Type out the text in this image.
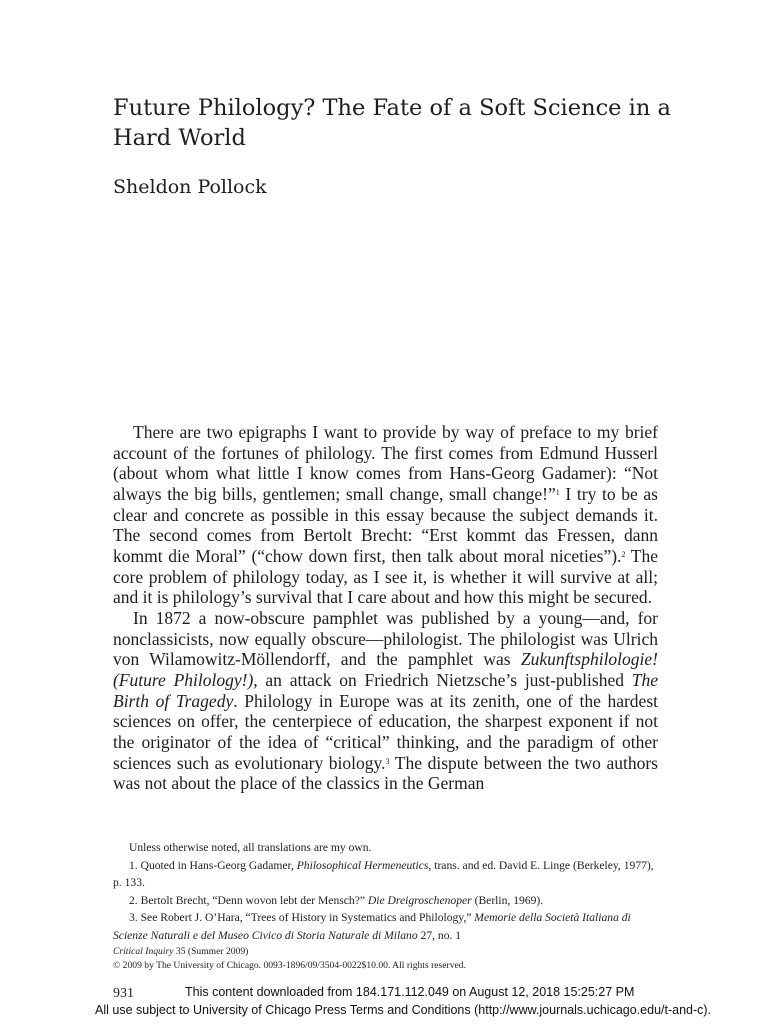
Future Philology? The Fate of a Soft Science in a Hard World
Sheldon Pollock

There are two epigraphs I want to provide by way of preface to my brief account of the fortunes of philology. The first comes from Edmund Husserl (about whom what little I know comes from Hans-Georg Gadamer): “Not always the big bills, gentlemen; small change, small change!”$^1$ I try to be as clear and concrete as possible in this essay because the subject demands it. The second comes from Bertolt Brecht: “Erst kommt das Fressen, dann kommt die Moral” (“chow down first, then talk about moral niceties”).$^2$ The core problem of philology today, as I see it, is whether it will survive at all; and it is philology’s survival that I care about and how this might be secured.

In 1872 a now-obscure pamphlet was published by a young—and, for nonclassicists, now equally obscure—philologist. The philologist was Ulrich von Wilamowitz-Möllendorff, and the pamphlet was Zukunftsphilologie! (Future Philology!), an attack on Friedrich Nietzsche’s just-published The Birth of Tragedy. Philology in Europe was at its zenith, one of the hardest sciences on offer, the centerpiece of education, the sharpest exponent if not the originator of the idea of “critical” thinking, and the paradigm of other sciences such as evolutionary biology.$^3$ The dispute between the two authors was not about the place of the classics in the German

Unless otherwise noted, all translations are my own.

1. Quoted in Hans-Georg Gadamer, Philosophical Hermeneutics, trans. and ed. David E. Linge (Berkeley, 1977), p. 133.

2. Bertolt Brecht, “Denn wovon lebt der Mensch?” Die Dreigroschenoper (Berlin, 1969).

3. See Robert J. O’Hara, “Trees of History in Systematics and Philology,” Memorie della Società Italiana di Scienze Naturali e del Museo Civico di Storia Naturale di Milano 27, no. 1

Critical Inquiry 35 (Summer 2009)

© 2009 by The University of Chicago. 0093-1896/09/3504-0022$10.00. All rights reserved.

931	This content downloaded from 184.171.112.049 on August 12, 2018 15:25:27 PM
All use subject to University of Chicago Press Terms and Conditions (http://www.journals.uchicago.edu/t-and-c).
